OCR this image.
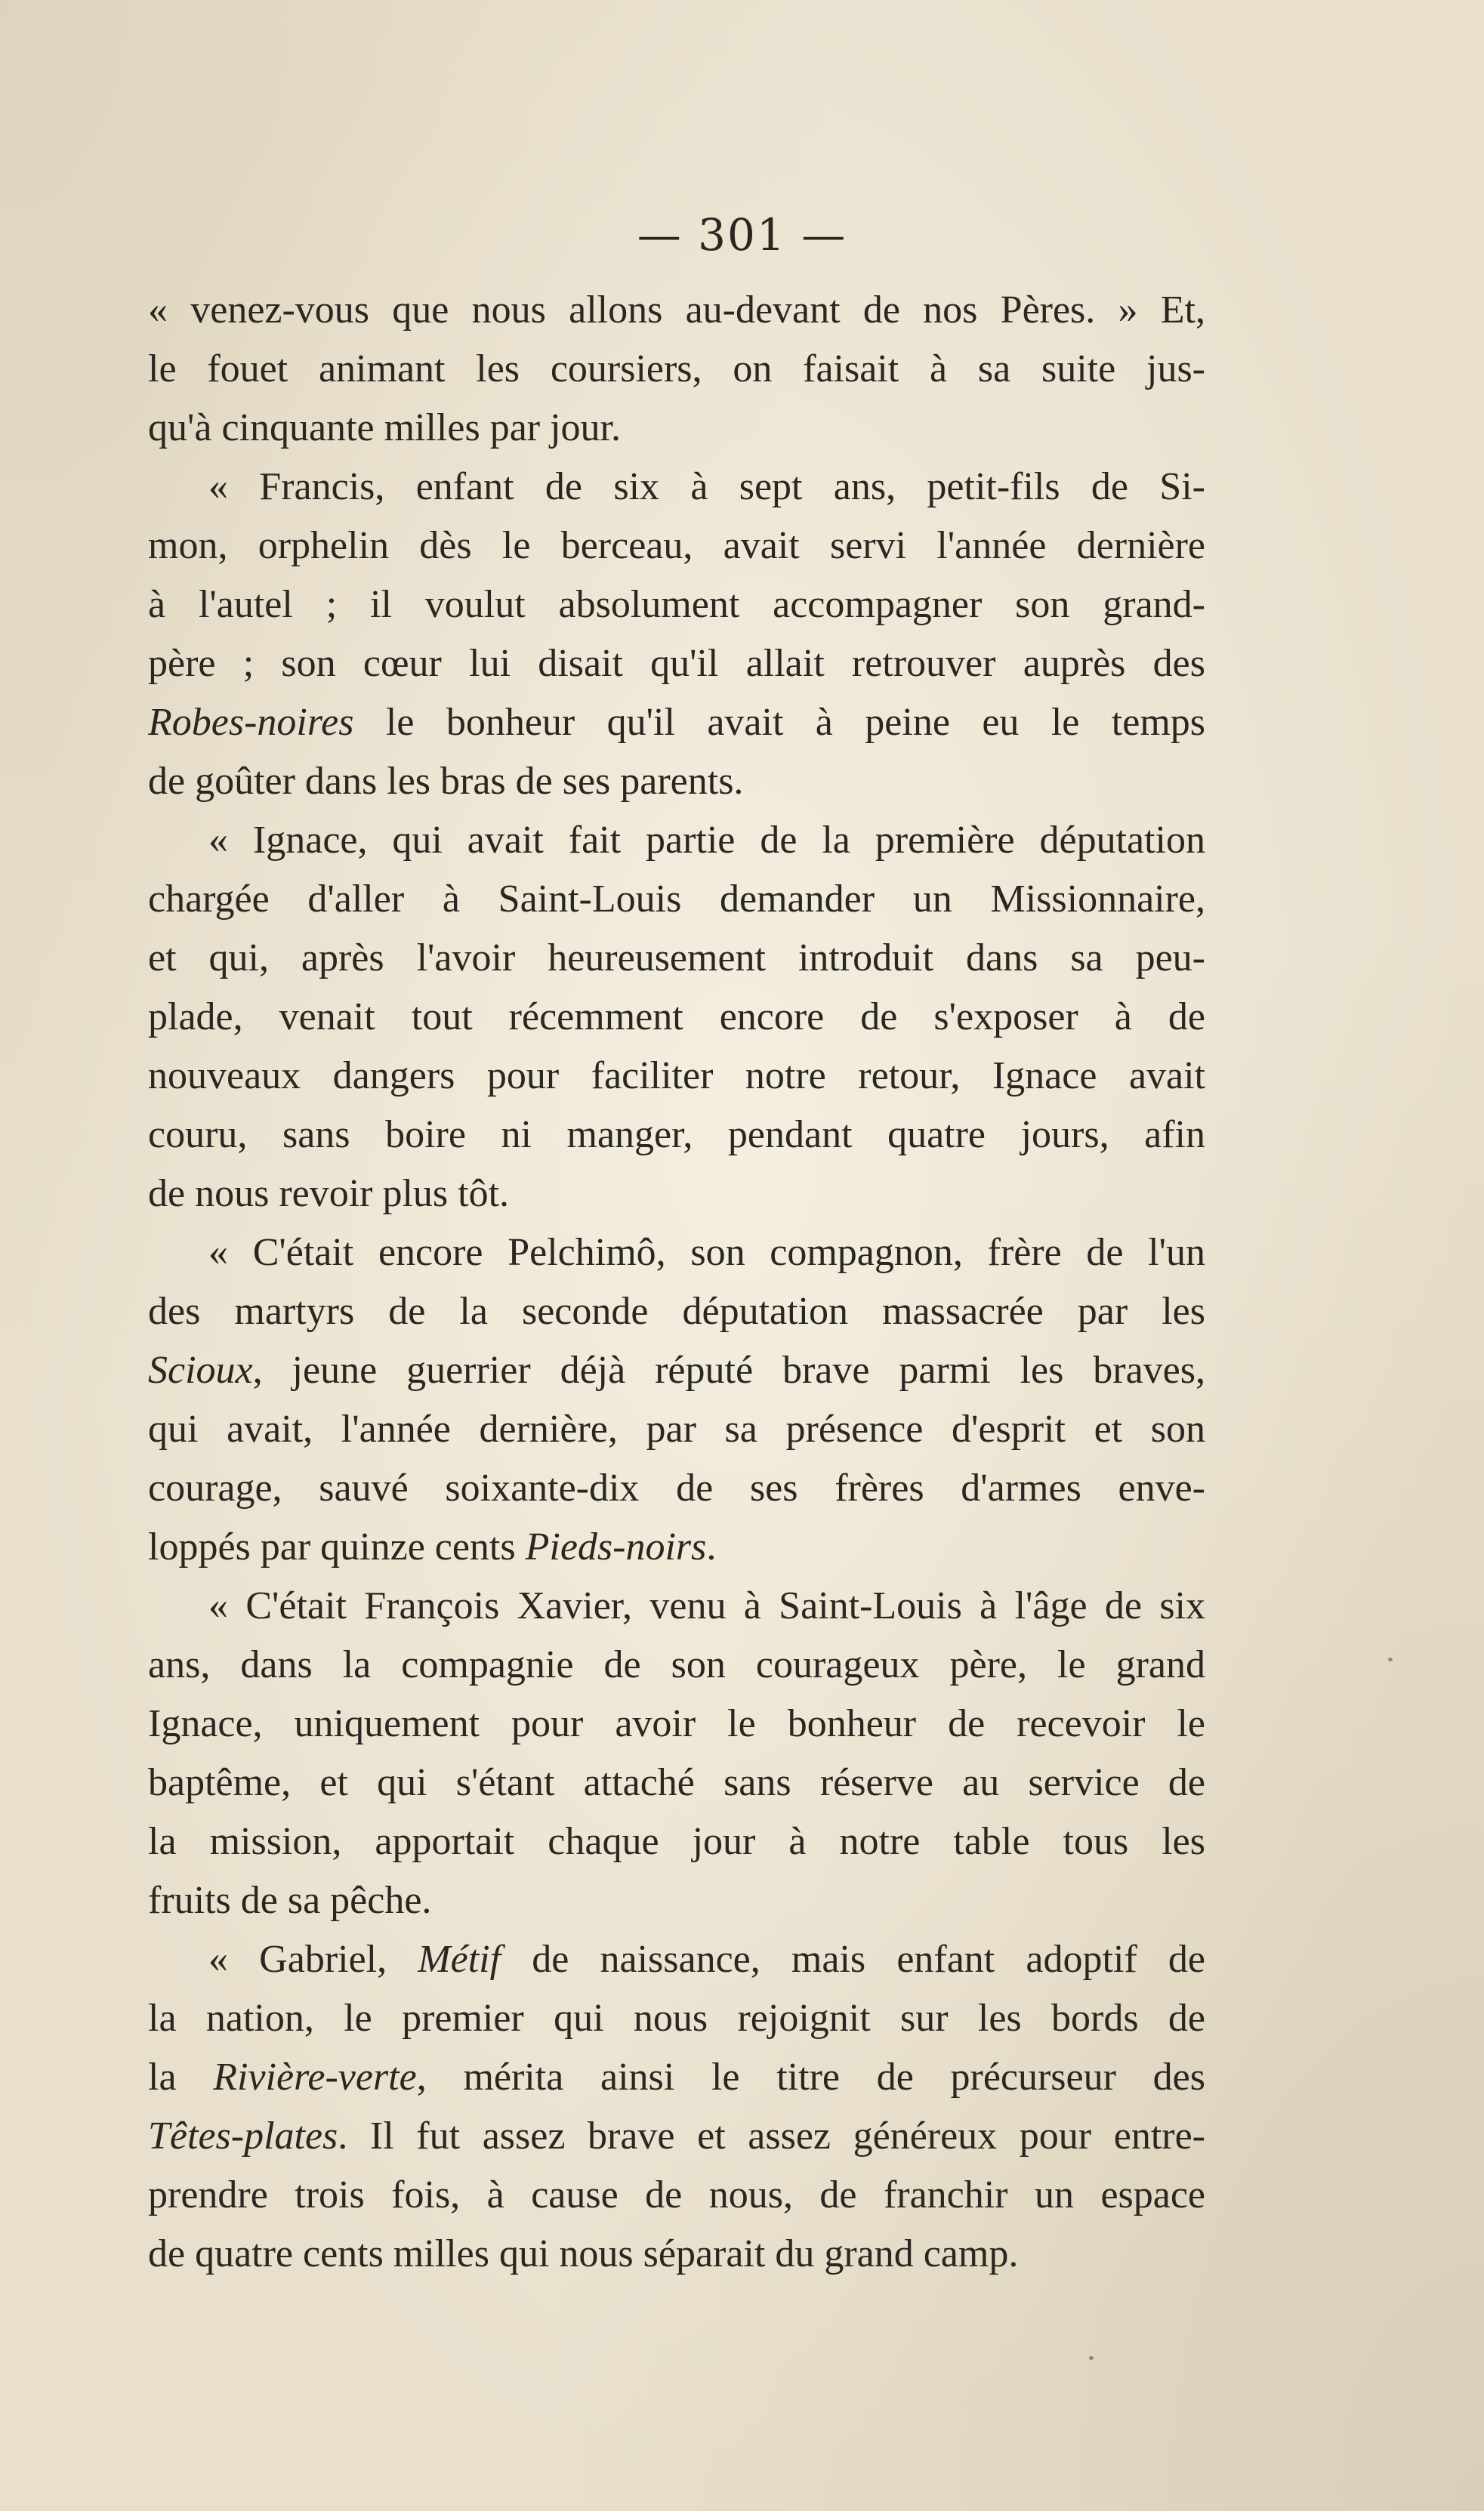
— 301 —
« venez-vous que nous allons au-devant de nos Pères. » Et,
le fouet animant les coursiers, on faisait à sa suite jus-
qu'à cinquante milles par jour.
« Francis, enfant de six à sept ans, petit-fils de Si-
mon, orphelin dès le berceau, avait servi l'année dernière
à l'autel ; il voulut absolument accompagner son grand-
père ; son cœur lui disait qu'il allait retrouver auprès des
Robes-noires le bonheur qu'il avait à peine eu le temps
de goûter dans les bras de ses parents.
« Ignace, qui avait fait partie de la première députation
chargée d'aller à Saint-Louis demander un Missionnaire,
et qui, après l'avoir heureusement introduit dans sa peu-
plade, venait tout récemment encore de s'exposer à de
nouveaux dangers pour faciliter notre retour, Ignace avait
couru, sans boire ni manger, pendant quatre jours, afin
de nous revoir plus tôt.
« C'était encore Pelchimô, son compagnon, frère de l'un
des martyrs de la seconde députation massacrée par les
Scioux, jeune guerrier déjà réputé brave parmi les braves,
qui avait, l'année dernière, par sa présence d'esprit et son
courage, sauvé soixante-dix de ses frères d'armes enve-
loppés par quinze cents Pieds-noirs.
« C'était François Xavier, venu à Saint-Louis à l'âge de six
ans, dans la compagnie de son courageux père, le grand
Ignace, uniquement pour avoir le bonheur de recevoir le
baptême, et qui s'étant attaché sans réserve au service de
la mission, apportait chaque jour à notre table tous les
fruits de sa pêche.
« Gabriel, Métif de naissance, mais enfant adoptif de
la nation, le premier qui nous rejoignit sur les bords de
la Rivière-verte, mérita ainsi le titre de précurseur des
Têtes-plates. Il fut assez brave et assez généreux pour entre-
prendre trois fois, à cause de nous, de franchir un espace
de quatre cents milles qui nous séparait du grand camp.
